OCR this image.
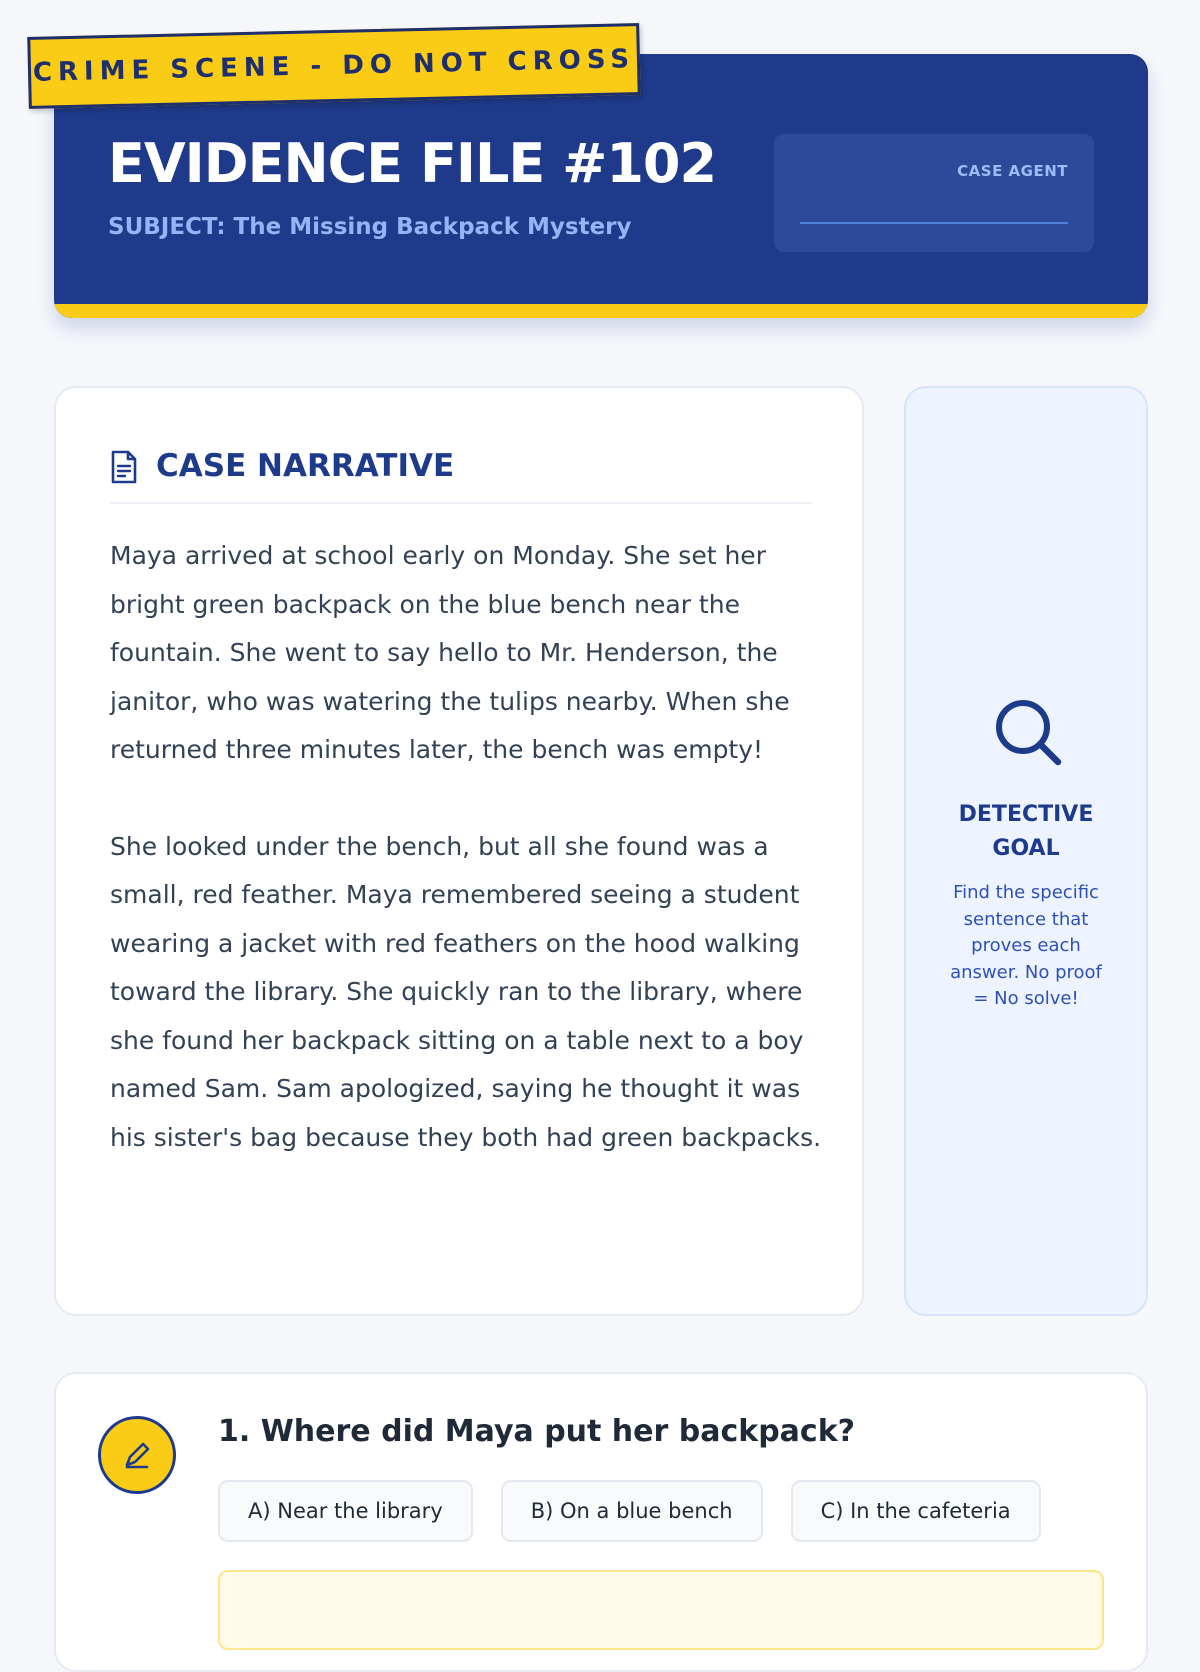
EVIDENCE FILE #102
SUBJECT: The Missing Backpack Mystery
CASE AGENT
CRIME SCENE - DO NOT CROSS
CASE NARRATIVE

Maya arrived at school early on Monday. She set her bright green backpack on the blue bench near the fountain. She went to say hello to Mr. Henderson, the janitor, who was watering the tulips nearby. When she returned three minutes later, the bench was empty!

She looked under the bench, but all she found was a small, red feather. Maya remembered seeing a student wearing a jacket with red feathers on the hood walking toward the library. She quickly ran to the library, where she found her backpack sitting on a table next to a boy named Sam. Sam apologized, saying he thought it was his sister's bag because they both had green backpacks.

DETECTIVE GOAL
Find the specific sentence that proves each answer. No proof = No solve!
1. Where did Maya put her backpack?
A) Near the library	B) On a blue bench	C) In the cafeteria
